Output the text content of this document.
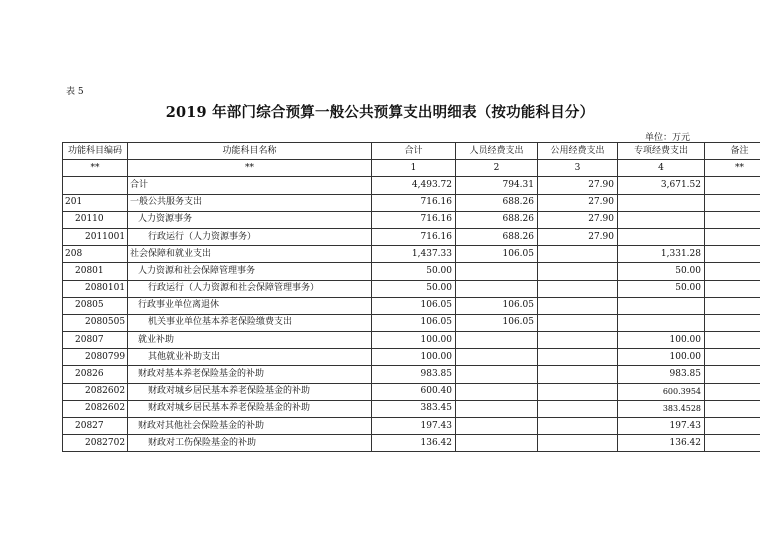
表 5
2019 年部门综合预算一般公共预算支出明细表（按功能科目分）
单位：万元
功能科目编码	功能科目名称	合计	人员经费支出	公用经费支出	专项经费支出	备注
**	**	1	2	3	4	**
	合计	4,493.72	794.31	27.90	3,671.52	
201	一般公共服务支出	716.16	688.26	27.90		
20110	人力资源事务	716.16	688.26	27.90		
2011001	行政运行（人力资源事务）	716.16	688.26	27.90		
208	社会保障和就业支出	1,437.33	106.05		1,331.28	
20801	人力资源和社会保障管理事务	50.00			50.00	
2080101	行政运行（人力资源和社会保障管理事务）	50.00			50.00	
20805	行政事业单位离退休	106.05	106.05			
2080505	机关事业单位基本养老保险缴费支出	106.05	106.05			
20807	就业补助	100.00			100.00	
2080799	其他就业补助支出	100.00			100.00	
20826	财政对基本养老保险基金的补助	983.85			983.85	
2082602	财政对城乡居民基本养老保险基金的补助	600.40			600.3954	
2082602	财政对城乡居民基本养老保险基金的补助	383.45			383.4528	
20827	财政对其他社会保险基金的补助	197.43			197.43	
2082702	财政对工伤保险基金的补助	136.42			136.42	
